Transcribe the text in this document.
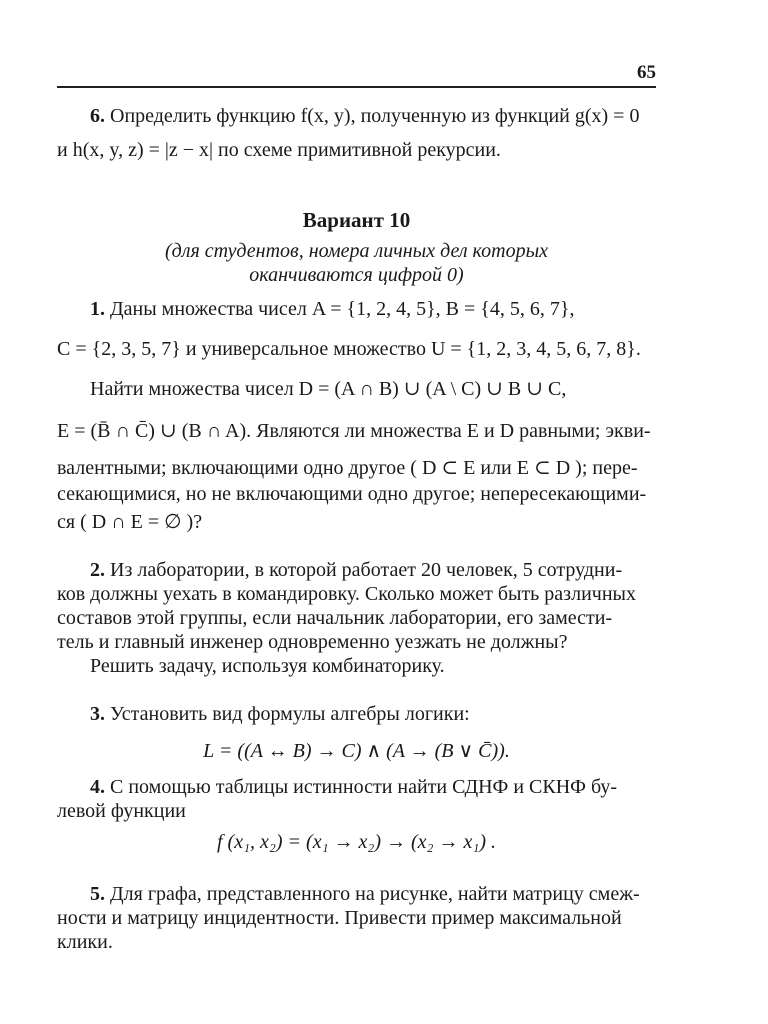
65
6. Определить функцию f(x, y), полученную из функций g(x) = 0
и h(x, y, z) = |z − x| по схеме примитивной рекурсии.
Вариант 10
(для студентов, номера личных дел которых
оканчиваются цифрой 0)
1. Даны множества чисел A = {1, 2, 4, 5}, B = {4, 5, 6, 7},
C = {2, 3, 5, 7} и универсальное множество U = {1, 2, 3, 4, 5, 6, 7, 8}.
Найти множества чисел D = (A ∩ B) ∪ (A \ C) ∪ B ∪ C,
E = (B̄ ∩ C̄) ∪ (B ∩ A). Являются ли множества E и D равными; экви-
валентными; включающими одно другое ( D ⊂ E или E ⊂ D ); пере-
секающимися, но не включающими одно другое; непересекающими-
ся ( D ∩ E = ∅ )?
2. Из лаборатории, в которой работает 20 человек, 5 сотрудни-
ков должны уехать в командировку. Сколько может быть различных
составов этой группы, если начальник лаборатории, его замести-
тель и главный инженер одновременно уезжать не должны?
Решить задачу, используя комбинаторику.
3. Установить вид формулы алгебры логики:
L = ((A ↔ B) → C) ∧ (A → (B ∨ C̄)).
4. С помощью таблицы истинности найти СДНФ и СКНФ бу-
левой функции
f (x₁, x₂) = (x₁ → x₂) → (x₂ → x₁) .
5. Для графа, представленного на рисунке, найти матрицу смеж-
ности и матрицу инцидентности. Привести пример максимальной
клики.
